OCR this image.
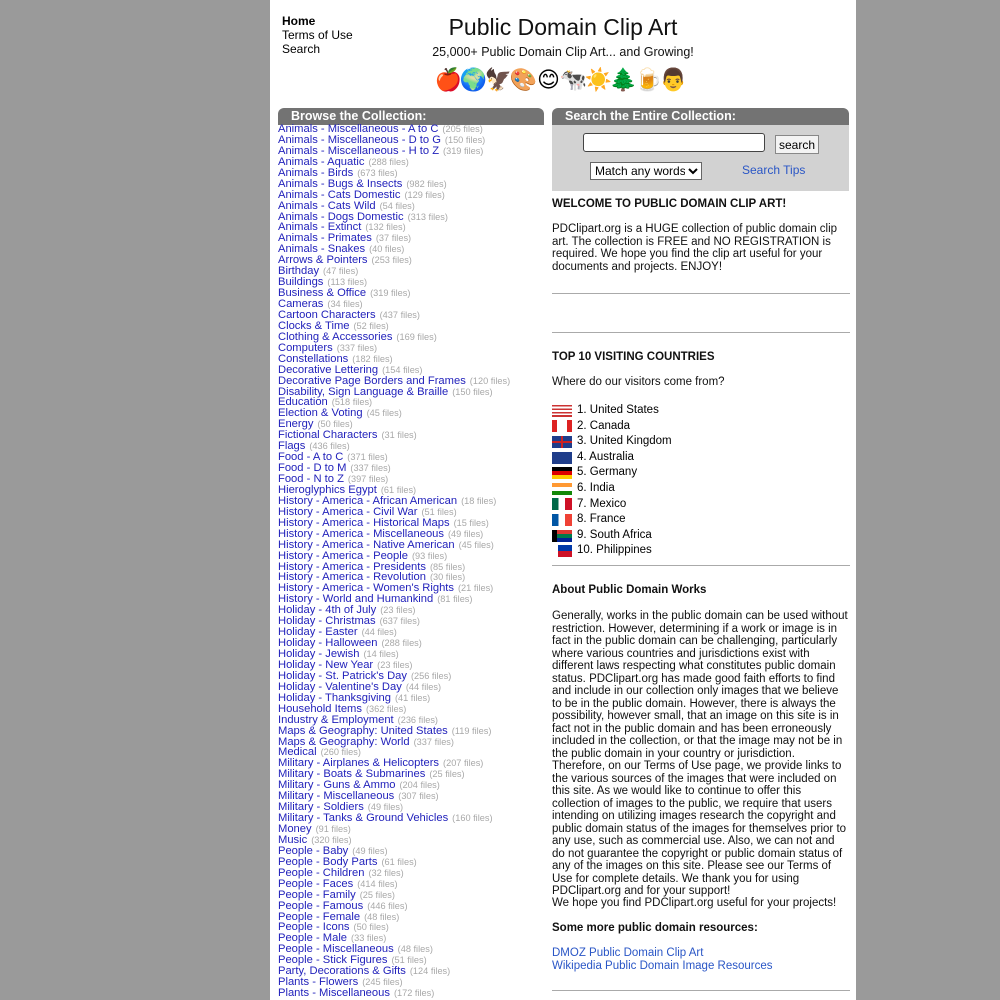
Home
Terms of Use
Search
Public Domain Clip Art
25,000+ Public Domain Clip Art... and Growing!
🍎
🌍
🦅
🎨 😊 🐄
☀️
🌲
🍺
👨
Browse the Collection:
Animals - Miscellaneous - A to C (205 files)
Animals - Miscellaneous - D to G (150 files)
Animals - Miscellaneous - H to Z (319 files)
Animals - Aquatic (288 files)
Animals - Birds (673 files)
Animals - Bugs & Insects (982 files)
Animals - Cats Domestic (129 files)
Animals - Cats Wild (54 files)
Animals - Dogs Domestic (313 files)
Animals - Extinct (132 files)
Animals - Primates (37 files)
Animals - Snakes (40 files)
Arrows & Pointers (253 files)
Birthday (47 files)
Buildings (113 files)
Business & Office (319 files)
Cameras (34 files)
Cartoon Characters (437 files)
Clocks & Time (52 files)
Clothing & Accessories (169 files)
Computers (337 files)
Constellations (182 files)
Decorative Lettering (154 files)
Decorative Page Borders and Frames (120 files)
Disability, Sign Language & Braille (150 files)
Education (518 files)
Election & Voting (45 files)
Energy (50 files)
Fictional Characters (31 files)
Flags (436 files)
Food - A to C (371 files)
Food - D to M (337 files)
Food - N to Z (397 files)
Hieroglyphics Egypt (61 files)
History - America - African American (18 files)
History - America - Civil War (51 files)
History - America - Historical Maps (15 files)
History - America - Miscellaneous (49 files)
History - America - Native American (45 files)
History - America - People (93 files)
History - America - Presidents (85 files)
History - America - Revolution (30 files)
History - America - Women's Rights (21 files)
History - World and Humankind (81 files)
Holiday - 4th of July (23 files)
Holiday - Christmas (637 files)
Holiday - Easter (44 files)
Holiday - Halloween (288 files)
Holiday - Jewish (14 files)
Holiday - New Year (23 files)
Holiday - St. Patrick's Day (256 files)
Holiday - Valentine's Day (44 files)
Holiday - Thanksgiving (41 files)
Household Items (362 files)
Industry & Employment (236 files)
Maps & Geography: United States (119 files)
Maps & Geography: World (337 files)
Medical (260 files)
Military - Airplanes & Helicopters (207 files)
Military - Boats & Submarines (25 files)
Military - Guns & Ammo (204 files)
Military - Miscellaneous (307 files)
Military - Soldiers (49 files)
Military - Tanks & Ground Vehicles (160 files)
Money (91 files)
Music (320 files)
People - Baby (49 files)
People - Body Parts (61 files)
People - Children (32 files)
People - Faces (414 files)
People - Family (25 files)
People - Famous (446 files)
People - Female (48 files)
People - Icons (50 files)
People - Male (33 files)
People - Miscellaneous (48 files)
People - Stick Figures (51 files)
Party, Decorations & Gifts (124 files)
Plants - Flowers (245 files)
Plants - Miscellaneous (172 files)
Search the Entire Collection:
search
Match any words
Search Tips
WELCOME TO PUBLIC DOMAIN CLIP ART!
PDClipart.org is a HUGE collection of public domain clip art. The collection is FREE and NO REGISTRATION is required. We hope you find the clip art useful for your documents and projects. ENJOY!
TOP 10 VISITING COUNTRIES
Where do our visitors come from?
1. United States
2. Canada
3. United Kingdom
4. Australia
5. Germany
6. India
7. Mexico
8. France
9. South Africa
10. Philippines
About Public Domain Works
Generally, works in the public domain can be used without restriction. However, determining if a work or image is in fact in the public domain can be challenging, particularly where various countries and jurisdictions exist with different laws respecting what constitutes public domain status. PDClipart.org has made good faith efforts to find and include in our collection only images that we believe to be in the public domain. However, there is always the possibility, however small, that an image on this site is in fact not in the public domain and has been erroneously included in the collection, or that the image may not be in the public domain in your country or jurisdiction. Therefore, on our Terms of Use page, we provide links to the various sources of the images that were included on this site. As we would like to continue to offer this collection of images to the public, we require that users intending on utilizing images research the copyright and public domain status of the images for themselves prior to any use, such as commercial use. Also, we can not and do not guarantee the copyright or public domain status of any of the images on this site. Please see our Terms of Use for complete details. We thank you for using PDClipart.org and for your support!
We hope you find PDClipart.org useful for your projects!
Some more public domain resources:
DMOZ Public Domain Clip Art
Wikipedia Public Domain Image Resources
